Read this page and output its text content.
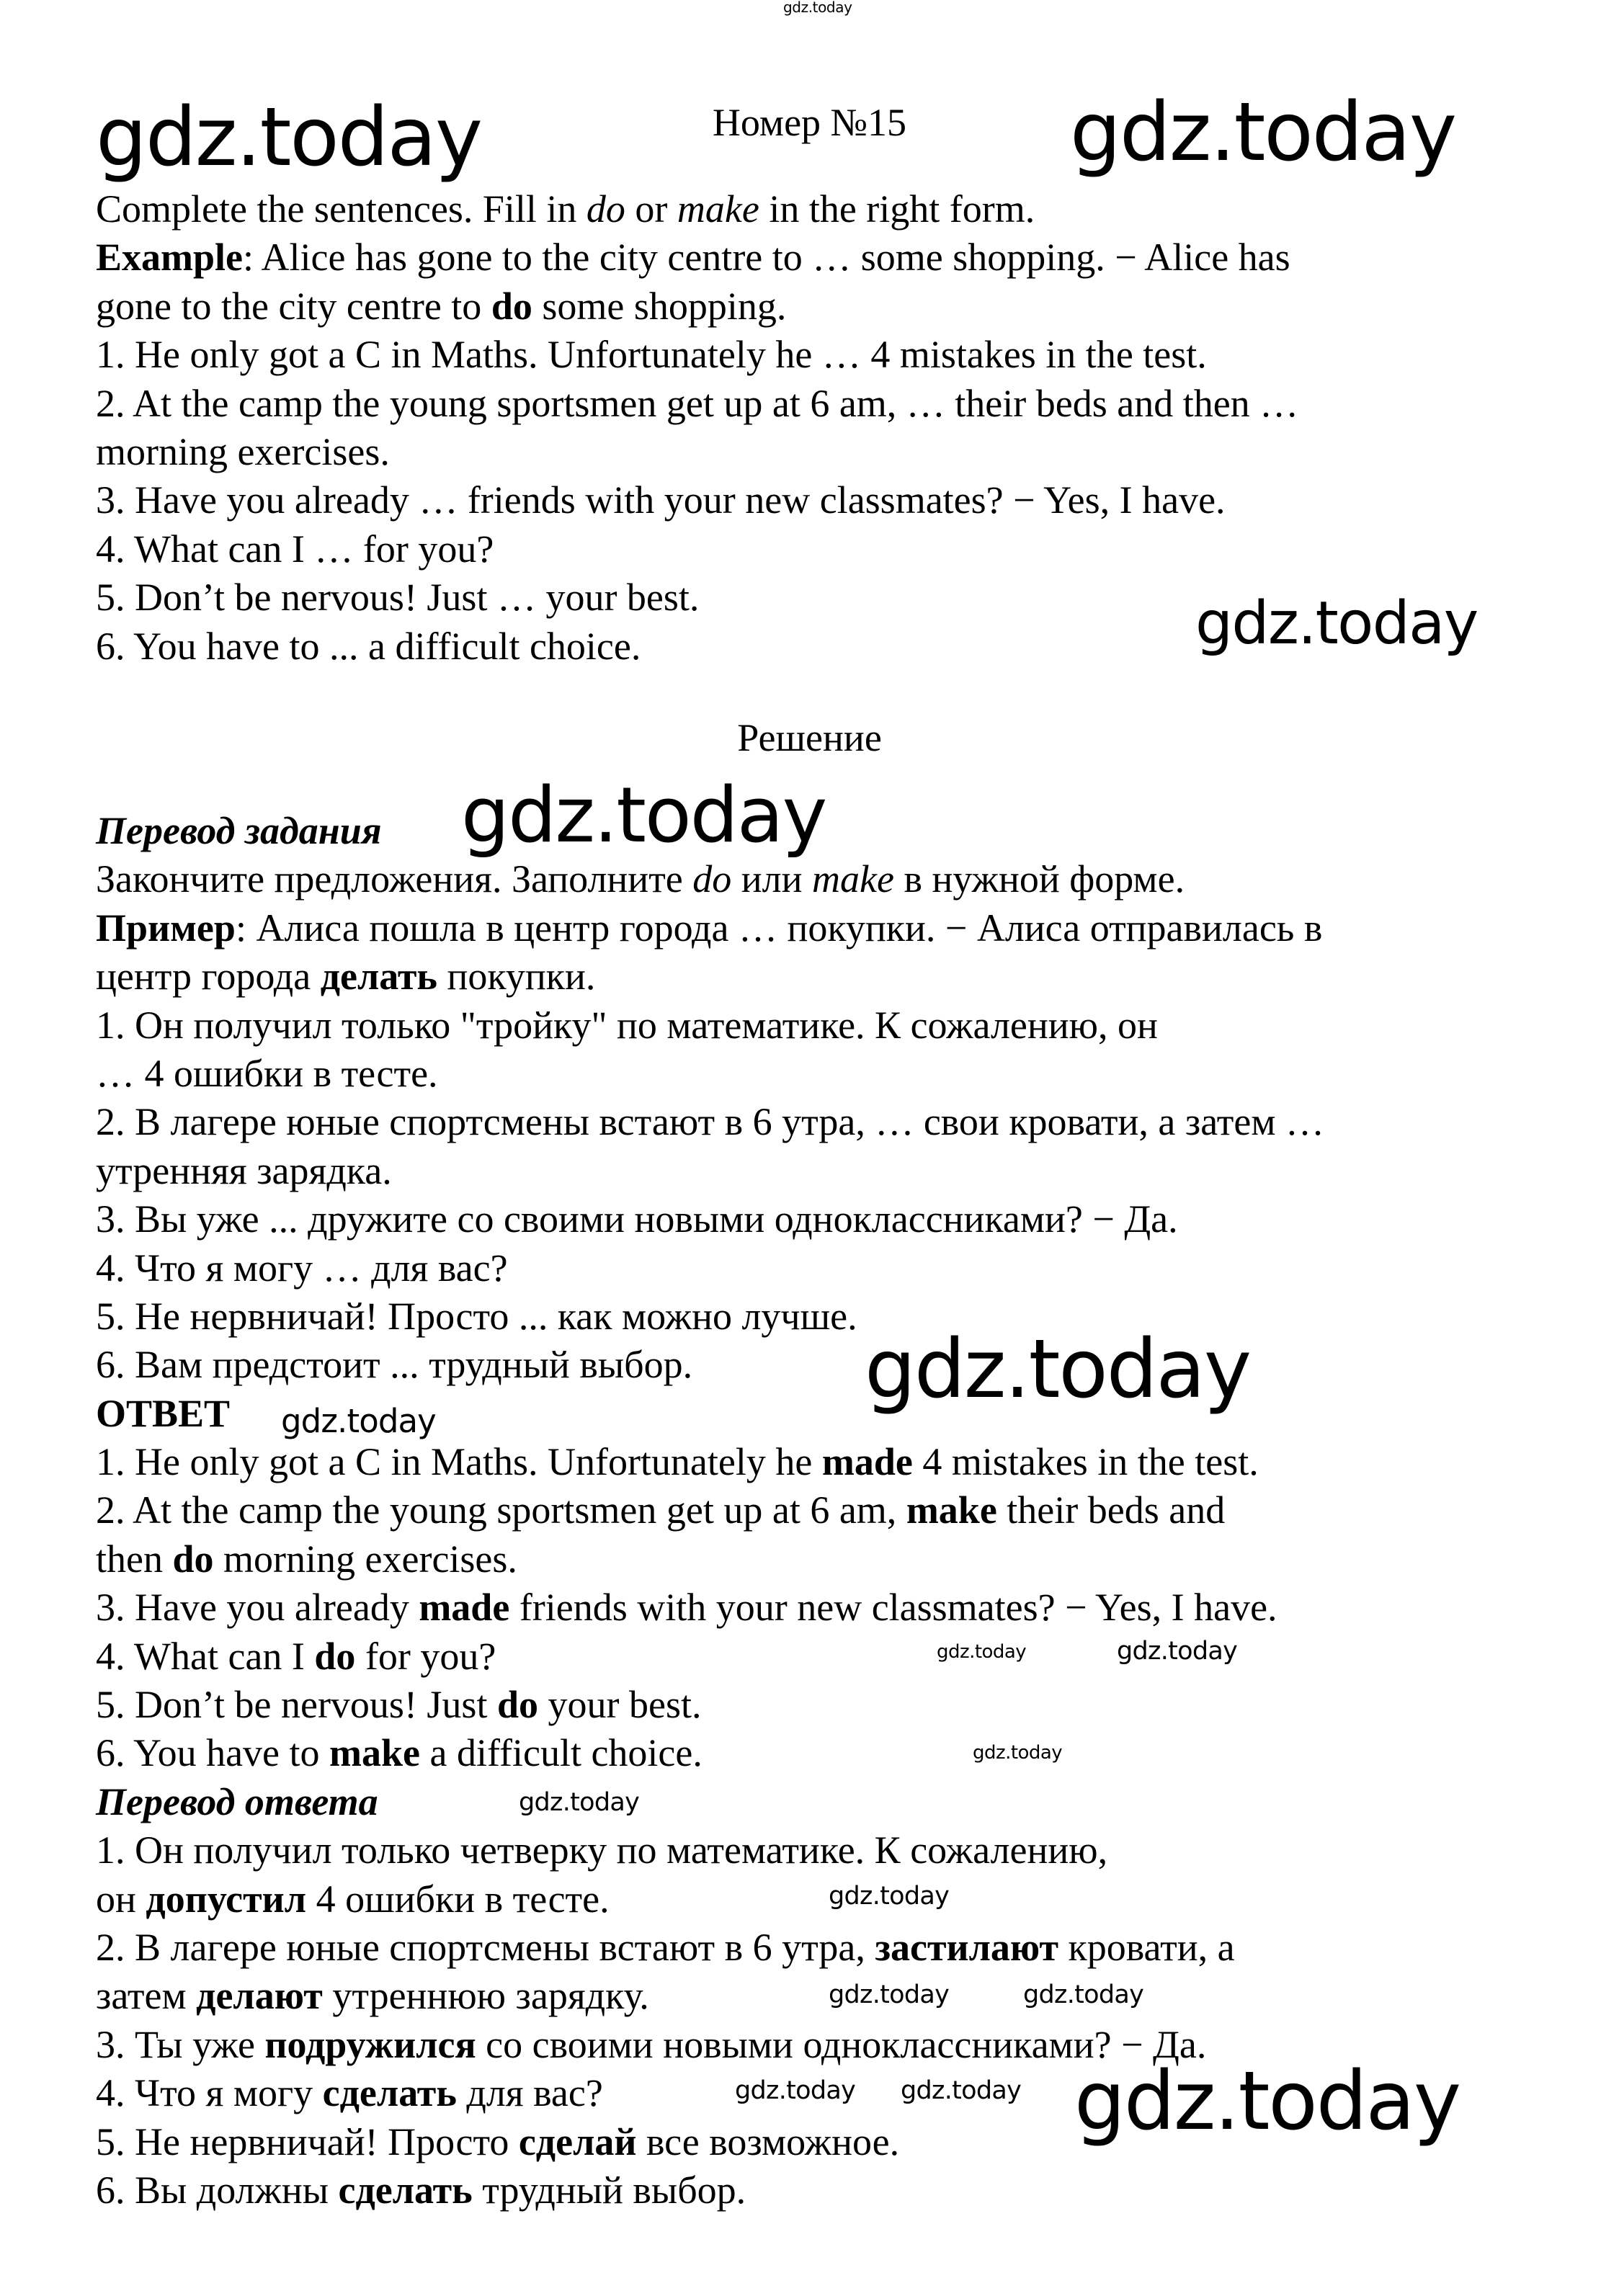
Номер №15
Complete the sentences. Fill in do or make in the right form.
Example: Alice has gone to the city centre to … some shopping. − Alice has
gone to the city centre to do some shopping.
1. He only got a C in Maths. Unfortunately he … 4 mistakes in the test.
2. At the camp the young sportsmen get up at 6 am, … their beds and then …
morning exercises.
3. Have you already … friends with your new classmates? − Yes, I have.
4. What can I … for you?
5. Don’t be nervous! Just … your best.
6. You have to ... a difficult choice.
Решение
Перевод задания
Закончите предложения. Заполните do или make в нужной форме.
Пример: Алиса пошла в центр города … покупки. − Алиса отправилась в
центр города делать покупки.
1. Он получил только "тройку" по математике. К сожалению, он
… 4 ошибки в тесте.
2. В лагере юные спортсмены встают в 6 утра, … свои кровати, а затем …
утренняя зарядка.
3. Вы уже ... дружите со своими новыми одноклассниками? − Да.
4. Что я могу … для вас?
5. Не нервничай! Просто ... как можно лучше.
6. Вам предстоит ... трудный выбор.
ОТВЕТ
1. He only got a C in Maths. Unfortunately he made 4 mistakes in the test.
2. At the camp the young sportsmen get up at 6 am, make their beds and
then do morning exercises.
3. Have you already made friends with your new classmates? − Yes, I have.
4. What can I do for you?
5. Don’t be nervous! Just do your best.
6. You have to make a difficult choice.
Перевод ответа
1. Он получил только четверку по математике. К сожалению,
он допустил 4 ошибки в тесте.
2. В лагере юные спортсмены встают в 6 утра, застилают кровати, а
затем делают утреннюю зарядку.
3. Ты уже подружился со своими новыми одноклассниками? − Да.
4. Что я могу сделать для вас?
5. Не нервничай! Просто сделай все возможное.
6. Вы должны сделать трудный выбор.
gdz.today	gdz.today
gdz.today
gdz.today
gdz.today
gdz.today
gdz.today
gdz.today
gdz.today	gdz.today
gdz.today
gdz.today
gdz.today
gdz.today	gdz.today
gdz.today gdz.today
